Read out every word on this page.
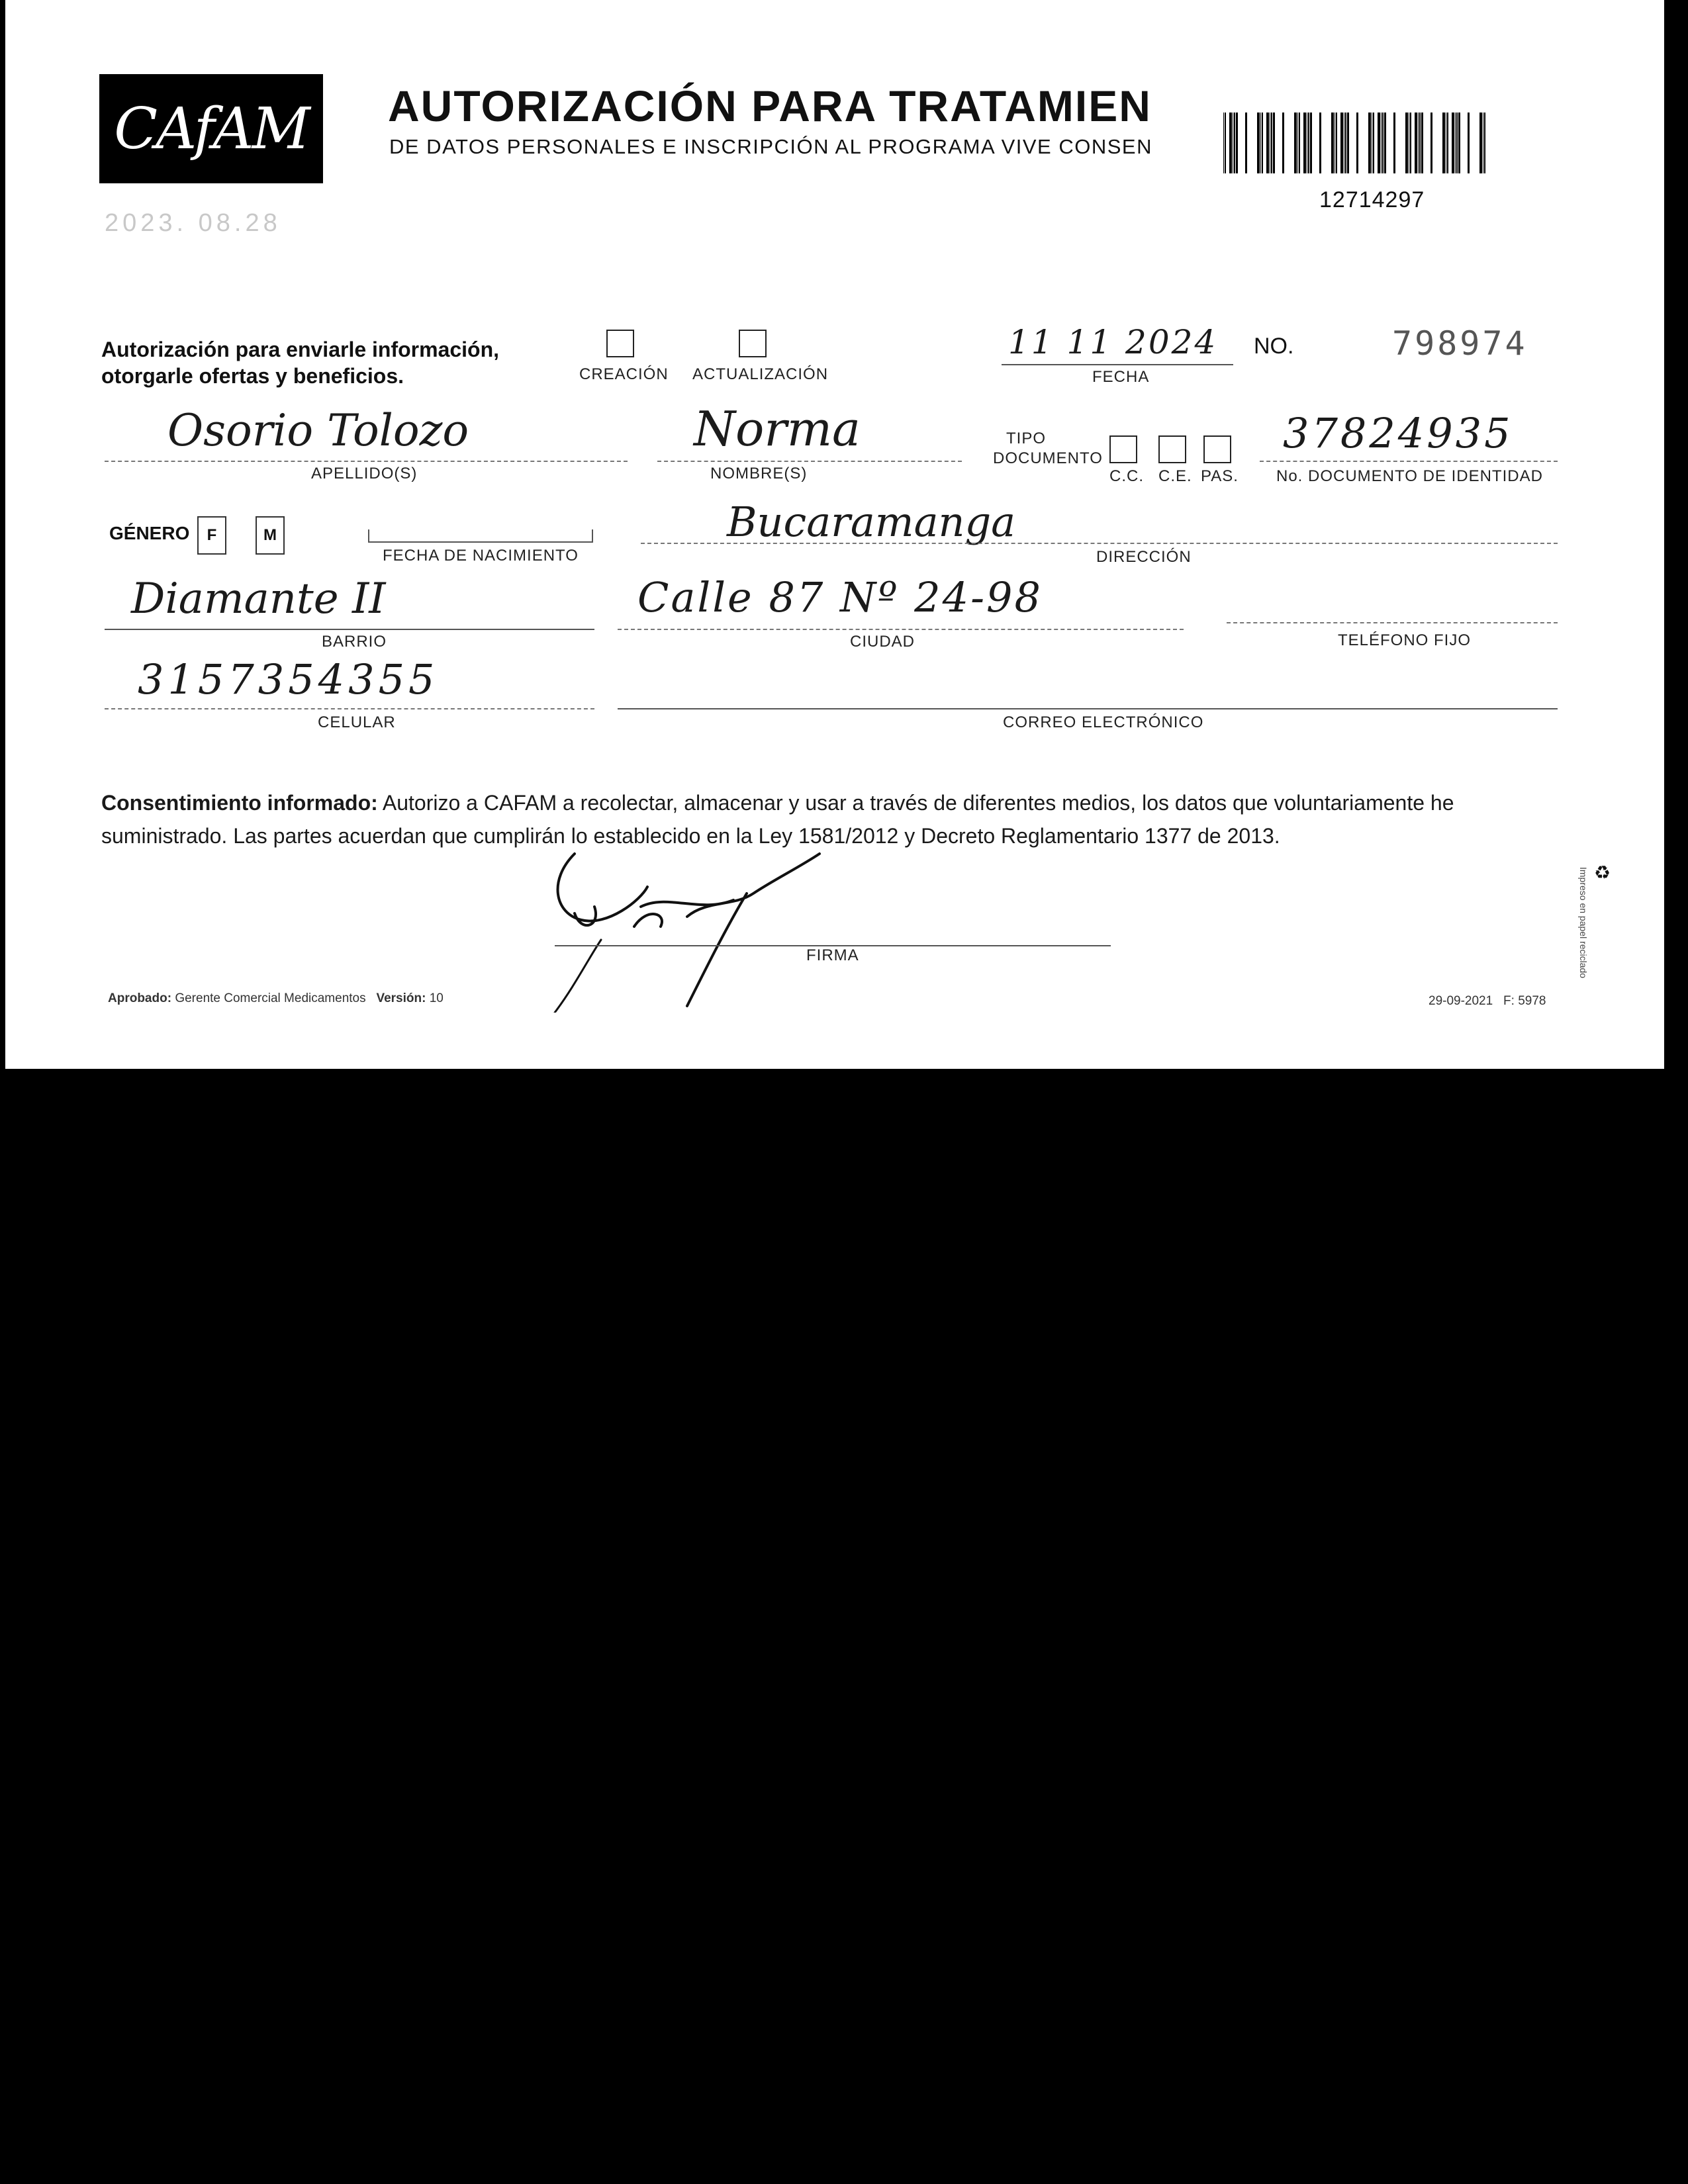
CAfAM	AUTORIZACIÓN PARA TRATAMIEN
DE DATOS PERSONALES E INSCRIPCIÓN AL PROGRAMA VIVE CONSEN
12714297
2023. 08.28
Autorización para enviarle información,
otorgarle ofertas y beneficios.	CREACIÓN ACTUALIZACIÓN
11 11 2024
FECHA
NO.	798974
Osorio Tolozo
APELLIDO(S)
Norma
NOMBRE(S)
TIPO DOCUMENTO
C.C. C.E. PAS.
37824935
No. DOCUMENTO DE IDENTIDAD
GÉNERO	F	M
FECHA DE NACIMIENTO
Bucaramanga
DIRECCIÓN
Diamante II
BARRIO
Calle 87 Nº 24-98
CIUDAD	TELÉFONO FIJO
3157354355
CELULAR	CORREO ELECTRÓNICO
Consentimiento informado: Autorizo a CAFAM a recolectar, almacenar y usar a través de diferentes medios, los datos que voluntariamente he suministrado. Las partes acuerdan que cumplirán lo establecido en la Ley 1581/2012 y Decreto Reglamentario 1377 de 2013.
FIRMA
Aprobado: Gerente Comercial Medicamentos Versión: 10	29-09-2021 F: 5978
♻
Impreso en papel reciclado
